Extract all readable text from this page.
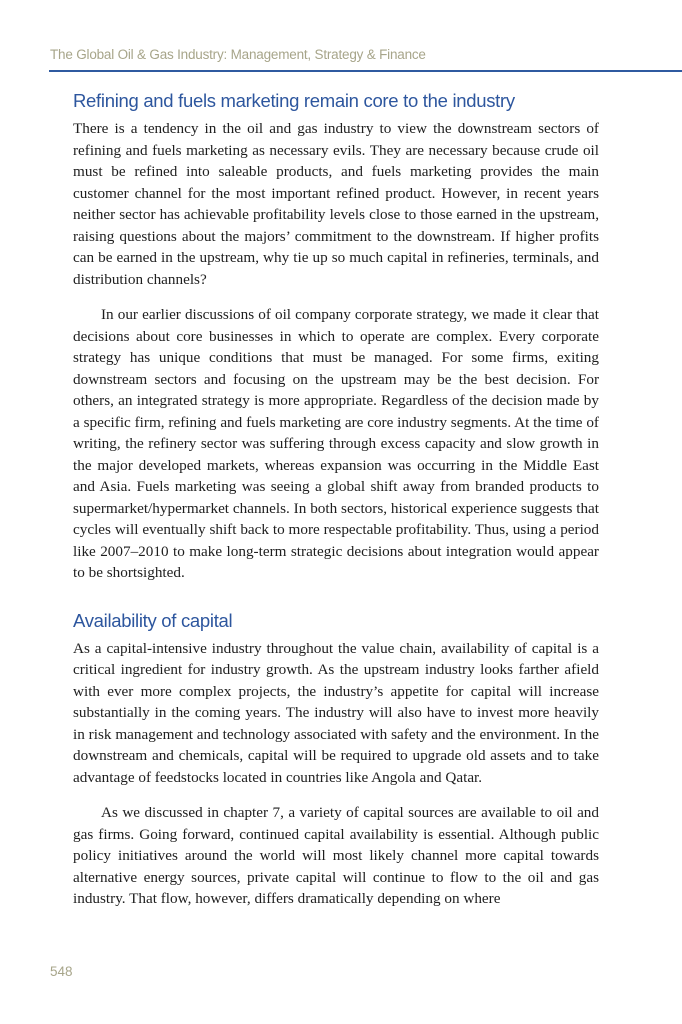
The Global Oil & Gas Industry: Management, Strategy & Finance
Refining and fuels marketing remain core to the industry

There is a tendency in the oil and gas industry to view the downstream sectors of refining and fuels marketing as necessary evils. They are necessary because crude oil must be refined into saleable products, and fuels marketing provides the main customer channel for the most important refined product. However, in recent years neither sector has achievable profitability levels close to those earned in the upstream, raising questions about the majors’ commitment to the downstream. If higher profits can be earned in the upstream, why tie up so much capital in refineries, terminals, and distribution channels?

In our earlier discussions of oil company corporate strategy, we made it clear that decisions about core businesses in which to operate are complex. Every corporate strategy has unique conditions that must be managed. For some firms, exiting downstream sectors and focusing on the upstream may be the best decision. For others, an integrated strategy is more appropriate. Regardless of the decision made by a specific firm, refining and fuels marketing are core industry segments. At the time of writing, the refinery sector was suffering through excess capacity and slow growth in the major developed markets, whereas expansion was occurring in the Middle East and Asia. Fuels marketing was seeing a global shift away from branded products to supermarket/hypermarket channels. In both sectors, historical experience suggests that cycles will eventually shift back to more respectable profitability. Thus, using a period like 2007–2010 to make long-term strategic decisions about integration would appear to be shortsighted.

Availability of capital

As a capital-intensive industry throughout the value chain, availability of capital is a critical ingredient for industry growth. As the upstream industry looks farther afield with ever more complex projects, the industry’s appetite for capital will increase substantially in the coming years. The industry will also have to invest more heavily in risk management and technology associated with safety and the environment. In the downstream and chemicals, capital will be required to upgrade old assets and to take advantage of feedstocks located in countries like Angola and Qatar.

As we discussed in chapter 7, a variety of capital sources are available to oil and gas firms. Going forward, continued capital availability is essential. Although public policy initiatives around the world will most likely channel more capital towards alternative energy sources, private capital will continue to flow to the oil and gas industry. That flow, however, differs dramatically depending on where

548
